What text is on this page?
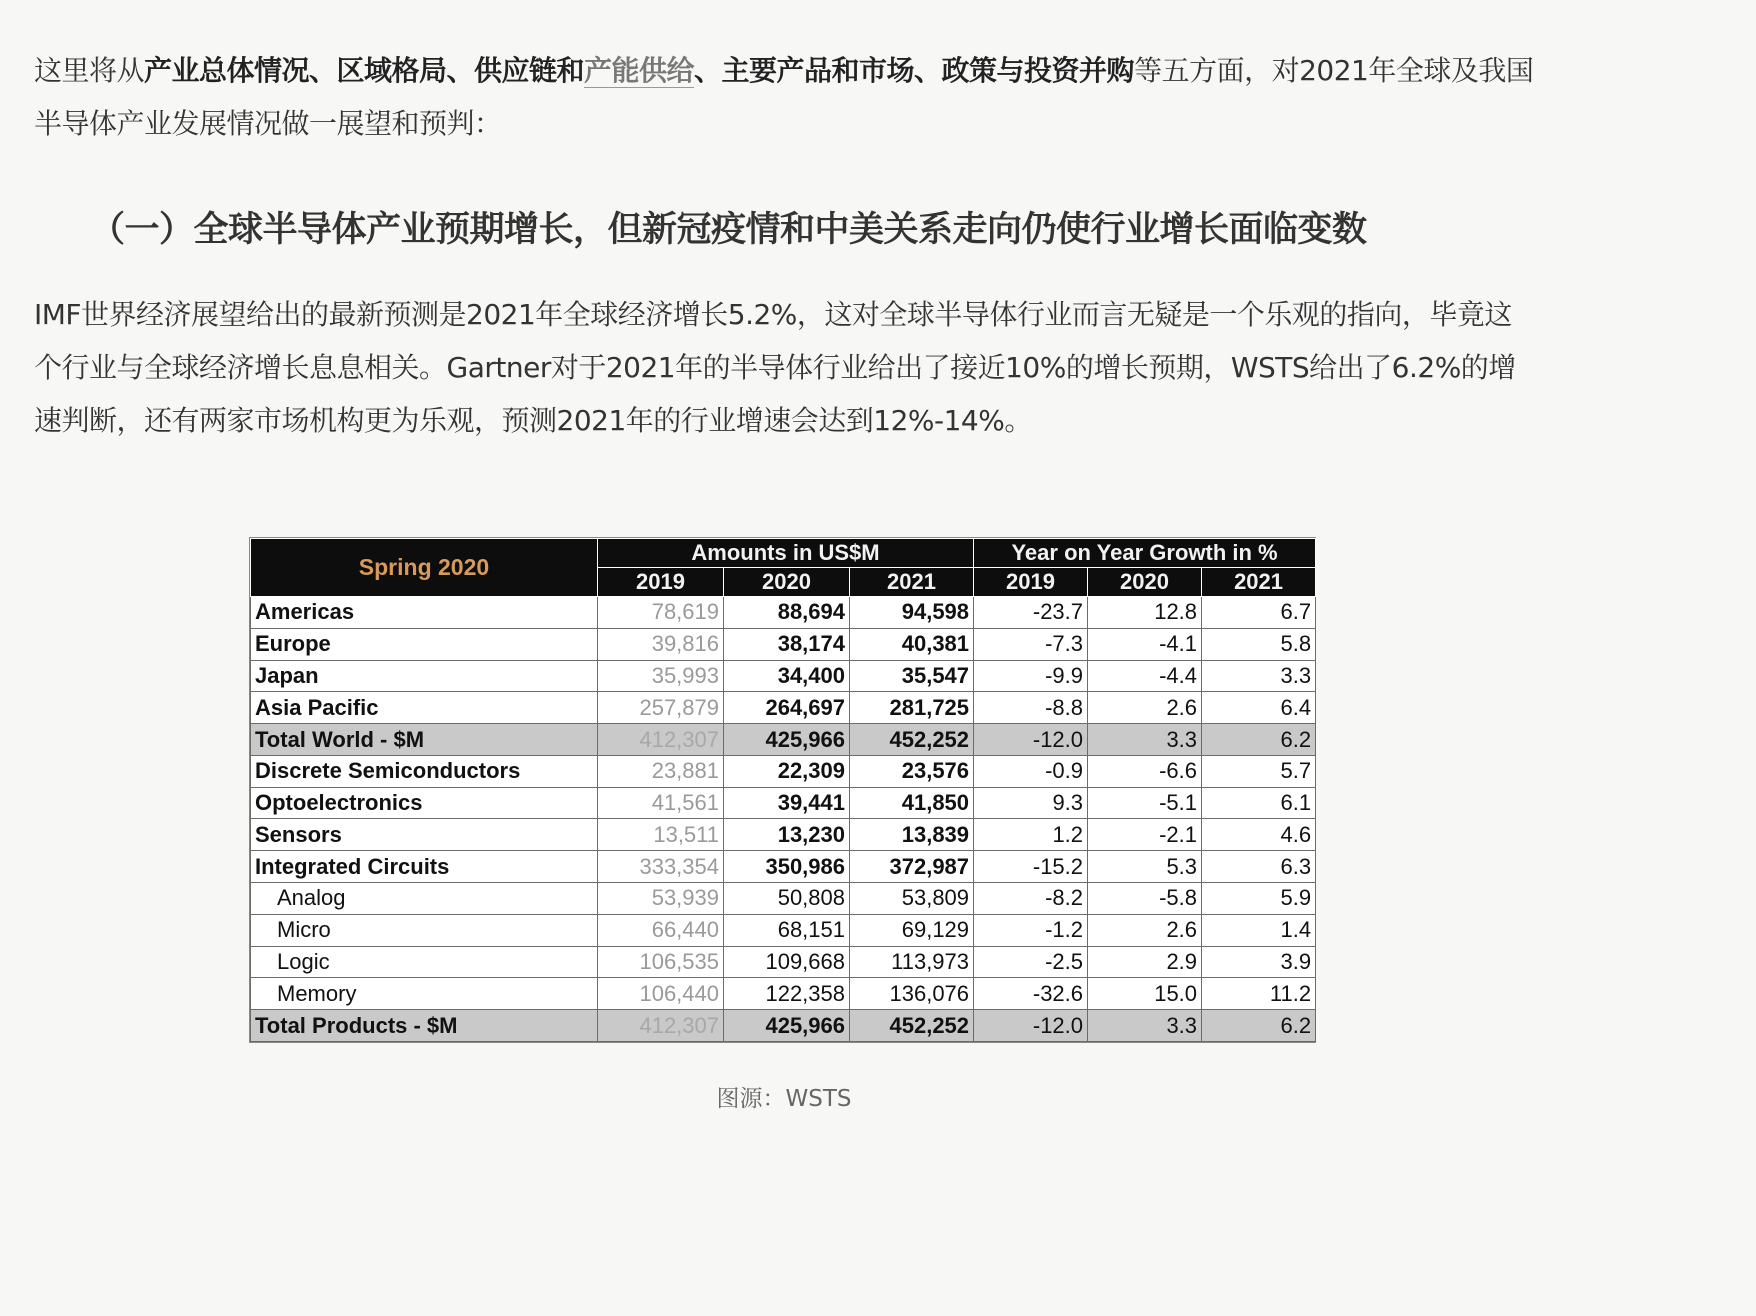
这里将从产业总体情况、区域格局、供应链和产能供给、主要产品和市场、政策与投资并购等五方面，对2021年全球及我国半导体产业发展情况做一展望和预判：
（一）全球半导体产业预期增长，但新冠疫情和中美关系走向仍使行业增长面临变数
IMF世界经济展望给出的最新预测是2021年全球经济增长5.2%，这对全球半导体行业而言无疑是一个乐观的指向，毕竟这个行业与全球经济增长息息相关。Gartner对于2021年的半导体行业给出了接近10%的增长预期，WSTS给出了6.2%的增速判断，还有两家市场机构更为乐观，预测2021年的行业增速会达到12%-14%。
Spring 2020	Amounts in US$M			Year on Year Growth in %		
	2019	2020	2021	2019	2020	2021
Americas	78,619	88,694	94,598	-23.7	12.8	6.7
Europe	39,816	38,174	40,381	-7.3	-4.1	5.8
Japan	35,993	34,400	35,547	-9.9	-4.4	3.3
Asia Pacific	257,879	264,697	281,725	-8.8	2.6	6.4
Total World - $M	412,307	425,966	452,252	-12.0	3.3	6.2
Discrete Semiconductors	23,881	22,309	23,576	-0.9	-6.6	5.7
Optoelectronics	41,561	39,441	41,850	9.3	-5.1	6.1
Sensors	13,511	13,230	13,839	1.2	-2.1	4.6
Integrated Circuits	333,354	350,986	372,987	-15.2	5.3	6.3
Analog	53,939	50,808	53,809	-8.2	-5.8	5.9
Micro	66,440	68,151	69,129	-1.2	2.6	1.4
Logic	106,535	109,668	113,973	-2.5	2.9	3.9
Memory	106,440	122,358	136,076	-32.6	15.0	11.2
Total Products - $M	412,307	425,966	452,252	-12.0	3.3	6.2
图源：WSTS
